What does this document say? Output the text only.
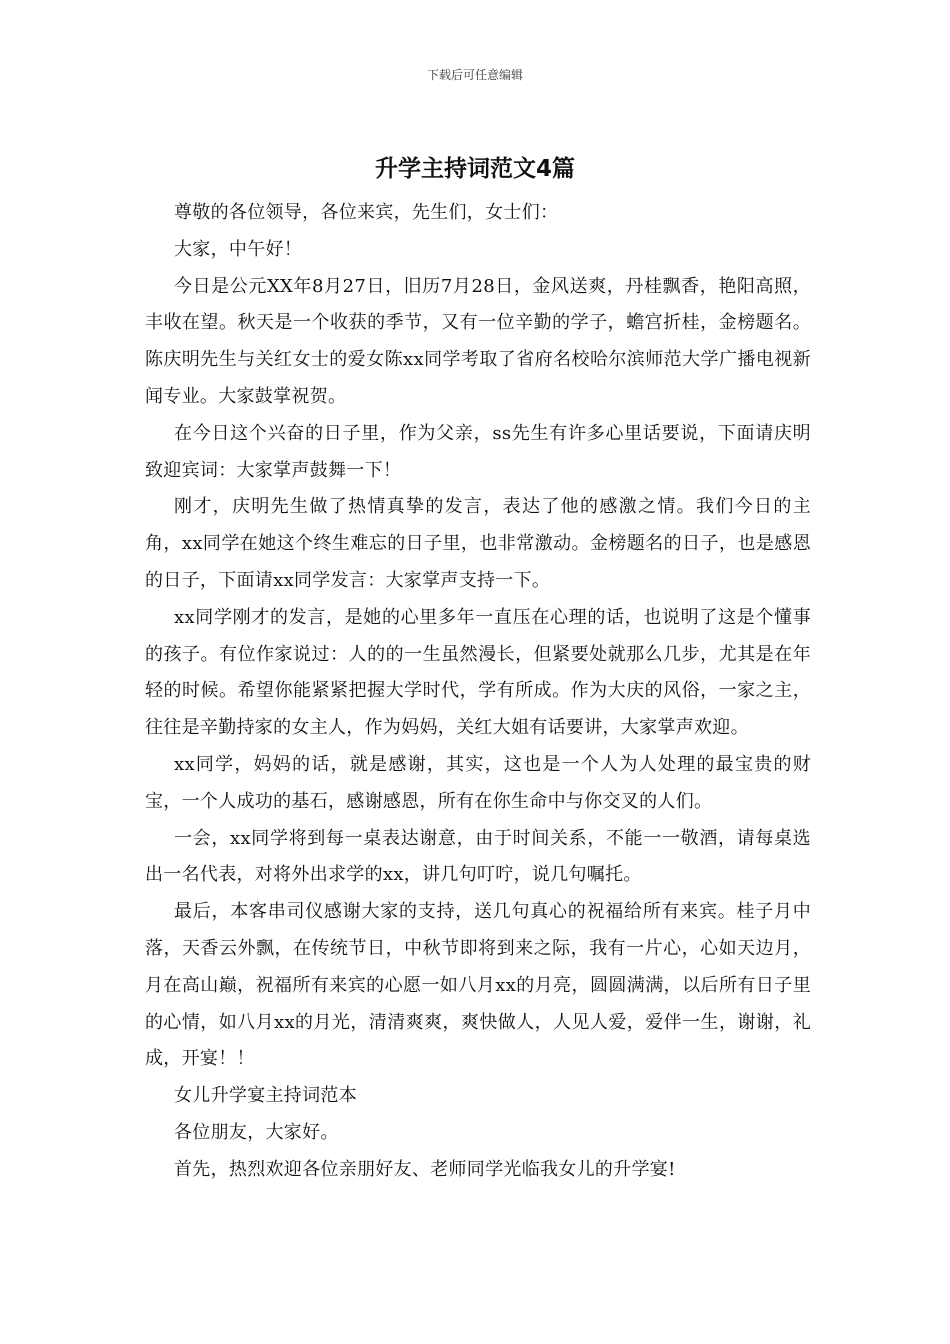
下载后可任意编辑
升学主持词范文4篇

尊敬的各位领导，各位来宾，先生们，女士们：

大家，中午好！

今日是公元XX年8月27日，旧历7月28日，金风送爽，丹桂飘香，艳阳高照，丰收在望。秋天是一个收获的季节，又有一位辛勤的学子，蟾宫折桂，金榜题名。陈庆明先生与关红女士的爱女陈xx同学考取了省府名校哈尔滨师范大学广播电视新闻专业。大家鼓掌祝贺。

在今日这个兴奋的日子里，作为父亲，ss先生有许多心里话要说，下面请庆明致迎宾词：大家掌声鼓舞一下！

刚才，庆明先生做了热情真挚的发言，表达了他的感激之情。我们今日的主角，xx同学在她这个终生难忘的日子里，也非常激动。金榜题名的日子，也是感恩的日子，下面请xx同学发言：大家掌声支持一下。

xx同学刚才的发言，是她的心里多年一直压在心理的话，也说明了这是个懂事的孩子。有位作家说过：人的的一生虽然漫长，但紧要处就那么几步，尤其是在年轻的时候。希望你能紧紧把握大学时代，学有所成。作为大庆的风俗，一家之主，往往是辛勤持家的女主人，作为妈妈，关红大姐有话要讲，大家掌声欢迎。

xx同学，妈妈的话，就是感谢，其实，这也是一个人为人处理的最宝贵的财宝，一个人成功的基石，感谢感恩，所有在你生命中与你交叉的人们。

一会，xx同学将到每一桌表达谢意，由于时间关系，不能一一敬酒，请每桌选出一名代表，对将外出求学的xx，讲几句叮咛，说几句嘱托。

最后，本客串司仪感谢大家的支持，送几句真心的祝福给所有来宾。桂子月中落，天香云外飘，在传统节日，中秋节即将到来之际，我有一片心，心如天边月，月在高山巅，祝福所有来宾的心愿一如八月xx的月亮，圆圆满满，以后所有日子里的心情，如八月xx的月光，清清爽爽，爽快做人，人见人爱，爱伴一生，谢谢，礼成，开宴！！

女儿升学宴主持词范本

各位朋友，大家好。

首先，热烈欢迎各位亲朋好友、老师同学光临我女儿的升学宴!
